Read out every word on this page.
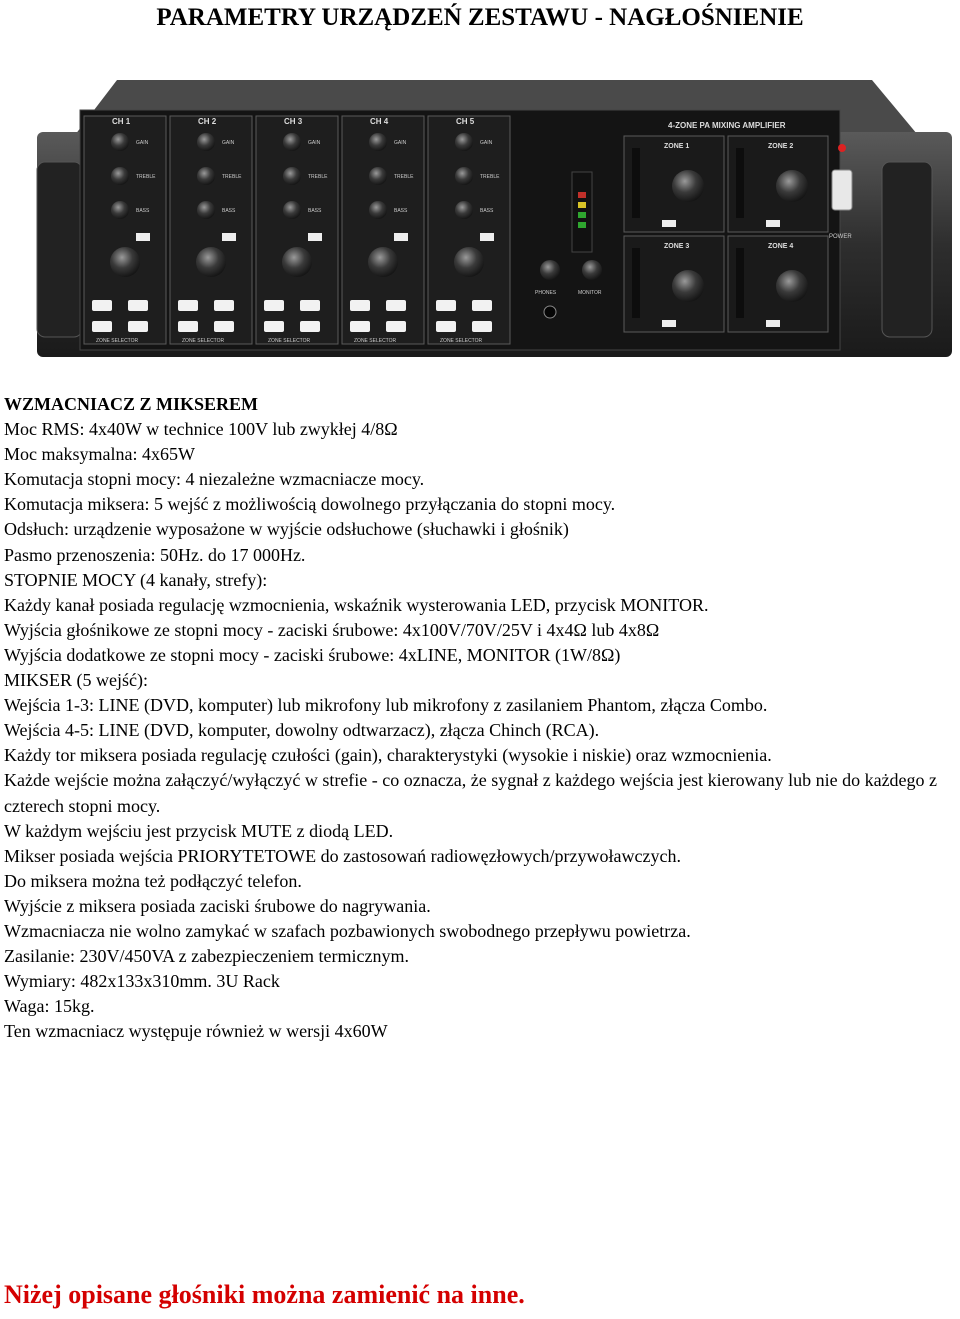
PARAMETRY URZĄDZEŃ ZESTAWU - NAGŁOŚNIENIE
CH 1
GAIN
TREBLE
BASS
ZONE SELECTOR
CH 2
GAIN
TREBLE
BASS
ZONE SELECTOR
CH 3
GAIN
TREBLE
BASS
ZONE SELECTOR
CH 4
GAIN
TREBLE
BASS
ZONE SELECTOR
CH 5
GAIN
TREBLE
BASS
ZONE SELECTOR
PHONES	MONITOR
4-ZONE PA MIXING AMPLIFIER
ZONE 1	ZONE 2
ZONE 3	ZONE 4
POWER
WZMACNIACZ Z MIKSEREM
Moc RMS: 4x40W w technice 100V lub zwykłej 4/8Ω
Moc maksymalna: 4x65W
Komutacja stopni mocy: 4 niezależne wzmacniacze mocy.
Komutacja miksera: 5 wejść z możliwością dowolnego przyłączania do stopni mocy.
Odsłuch: urządzenie wyposażone w wyjście odsłuchowe (słuchawki i głośnik)
Pasmo przenoszenia: 50Hz. do 17 000Hz.
STOPNIE MOCY (4 kanały, strefy):
Każdy kanał posiada regulację wzmocnienia, wskaźnik wysterowania LED, przycisk MONITOR.
Wyjścia głośnikowe ze stopni mocy - zaciski śrubowe: 4x100V/70V/25V i 4x4Ω lub 4x8Ω
Wyjścia dodatkowe ze stopni mocy - zaciski śrubowe: 4xLINE, MONITOR (1W/8Ω)
MIKSER (5 wejść):
Wejścia 1-3: LINE (DVD, komputer) lub mikrofony lub mikrofony z zasilaniem Phantom, złącza Combo.
Wejścia 4-5: LINE (DVD, komputer, dowolny odtwarzacz), złącza Chinch (RCA).
Każdy tor miksera posiada regulację czułości (gain), charakterystyki (wysokie i niskie) oraz wzmocnienia.
Każde wejście można załączyć/wyłączyć w strefie - co oznacza, że sygnał z każdego wejścia jest kierowany lub nie do każdego z czterech stopni mocy.
W każdym wejściu jest przycisk MUTE z diodą LED.
Mikser posiada wejścia PRIORYTETOWE do zastosowań radiowęzłowych/przywoławczych.
Do miksera można też podłączyć telefon.
Wyjście z miksera posiada zaciski śrubowe do nagrywania.
Wzmacniacza nie wolno zamykać w szafach pozbawionych swobodnego przepływu powietrza.
Zasilanie: 230V/450VA z zabezpieczeniem termicznym.
Wymiary: 482x133x310mm. 3U Rack
Waga: 15kg.
Ten wzmacniacz występuje również w wersji 4x60W
Niżej opisane głośniki można zamienić na inne.
